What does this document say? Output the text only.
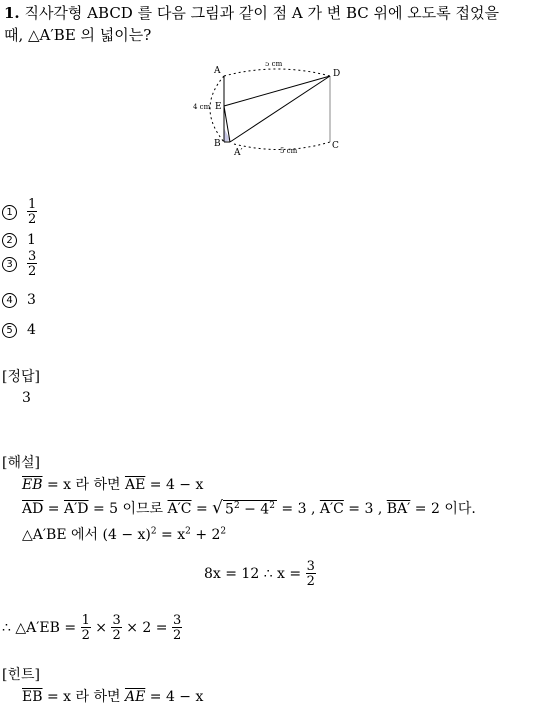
1. 직사각형 ABCD 를 다음 그림과 같이 점 A 가 변 BC 위에 오도록 접었을
때, △A′BE 의 넓이는?
A	D
B	C
E
A′
5 cm
4 cm
5 cm
1	$\frac{1}{2}$
2	1
3	$\frac{3}{2}$
4	3
5	4
[정답]
3
[해설]
$\overline{EB} = x$ 라 하면 $\overline{AE} = 4 - x$
$\overline{AD} = A'D = 5$ 이므로 A′C = √ $5^2 - 4^2 = 3$ , A′C = 3 , BA′ = 2 이다.
△A′BE 에서 $(4 - x)^2 = x^2 + 2^2$
8x = 12 ∴ $x = \frac{3}{2}$
∴ △A′EB = $\frac{1}{2} \times \frac{3}{2} \times 2 = \frac{3}{2}$
[힌트]
$\overline{EB} = x$ 라 하면 $\overline{AE} = 4 - x$
